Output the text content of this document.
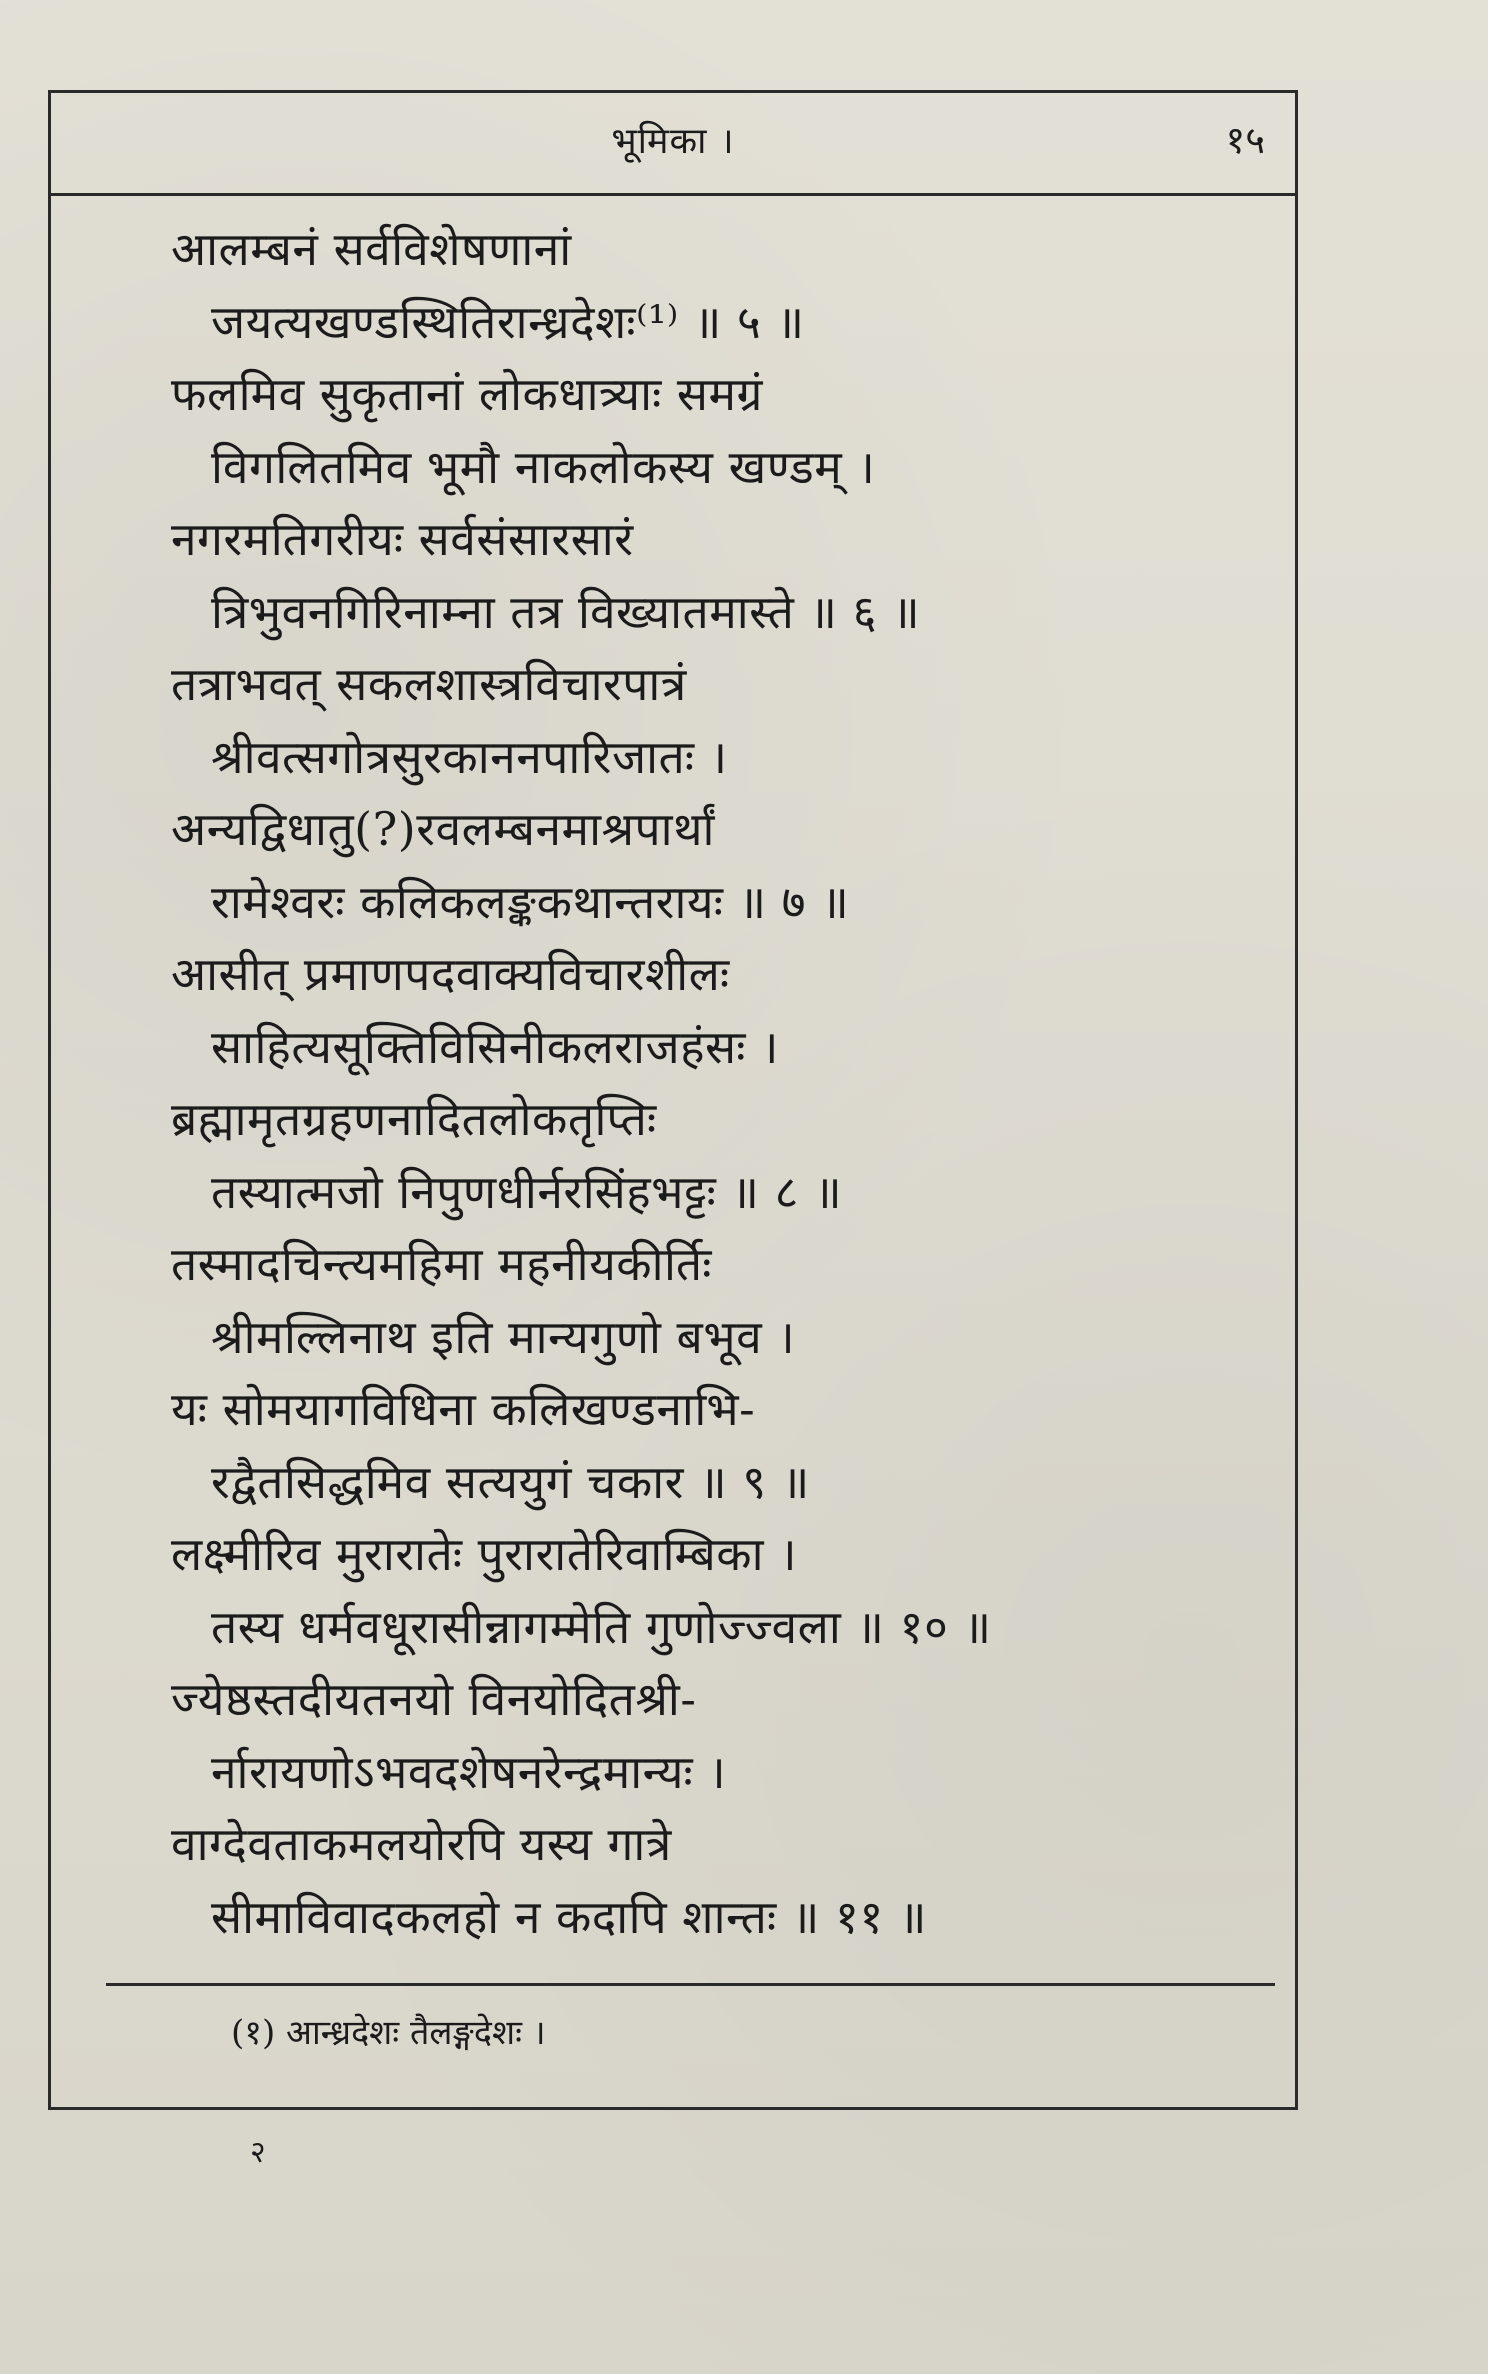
भूमिका ।	१५
आलम्बनं सर्वविशेषणानां
जयत्यखण्डस्थितिरान्ध्रदेशः⁽¹⁾ ॥ ५ ॥
फलमिव सुकृतानां लोकधात्र्याः समग्रं
विगलितमिव भूमौ नाकलोकस्य खण्डम् ।
नगरमतिगरीयः सर्वसंसारसारं
त्रिभुवनगिरिनाम्ना तत्र विख्यातमास्ते ॥ ६ ॥
तत्राभवत् सकलशास्त्रविचारपात्रं
श्रीवत्सगोत्रसुरकाननपारिजातः ।
अन्यद्विधातु(?)रवलम्बनमाश्रपार्थां
रामेश्वरः कलिकलङ्ककथान्तरायः ॥ ७ ॥
आसीत् प्रमाणपदवाक्यविचारशीलः
साहित्यसूक्तिविसिनीकलराजहंसः ।
ब्रह्मामृतग्रहणनादितलोकतृप्तिः
तस्यात्मजो निपुणधीर्नरसिंहभट्टः ॥ ८ ॥
तस्मादचिन्त्यमहिमा महनीयकीर्तिः
श्रीमल्लिनाथ इति मान्यगुणो बभूव ।
यः सोमयागविधिना कलिखण्डनाभि-
रद्वैतसिद्धमिव सत्ययुगं चकार ॥ ९ ॥
लक्ष्मीरिव मुरारातेः पुरारातेरिवाम्बिका ।
तस्य धर्मवधूरासीन्नागम्मेति गुणोज्ज्वला ॥ १० ॥
ज्येष्ठस्तदीयतनयो विनयोदितश्री-
र्नारायणोऽभवदशेषनरेन्द्रमान्यः ।
वाग्देवताकमलयोरपि यस्य गात्रे
सीमाविवादकलहो न कदापि शान्तः ॥ ११ ॥
(१) आन्ध्रदेशः तैलङ्गदेशः ।
२
